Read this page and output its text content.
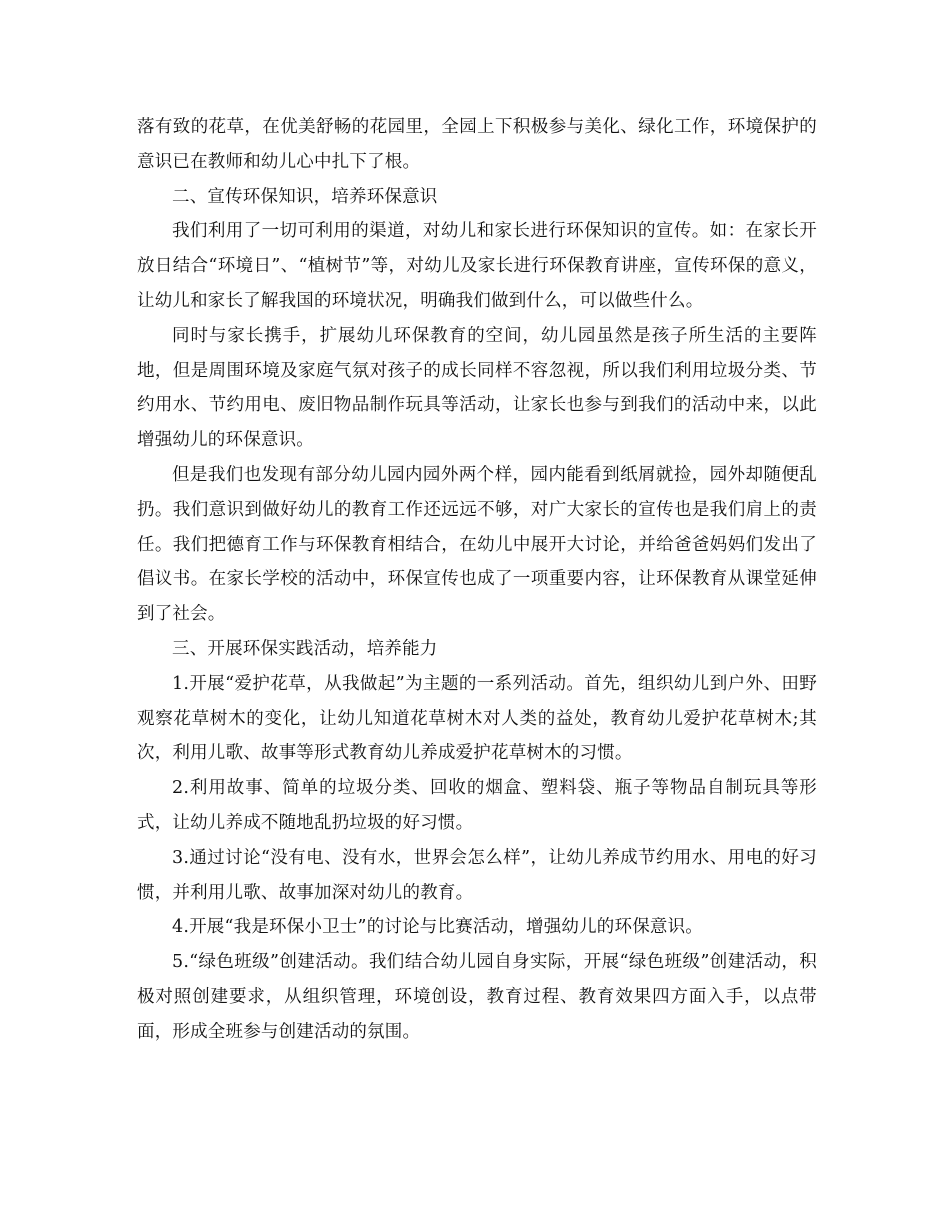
落有致的花草，在优美舒畅的花园里，全园上下积极参与美化、绿化工作，环境保护的意识已在教师和幼儿心中扎下了根。

二、宣传环保知识，培养环保意识

我们利用了一切可利用的渠道，对幼儿和家长进行环保知识的宣传。如：在家长开放日结合“环境日”、“植树节”等，对幼儿及家长进行环保教育讲座，宣传环保的意义，让幼儿和家长了解我国的环境状况，明确我们做到什么，可以做些什么。

同时与家长携手，扩展幼儿环保教育的空间，幼儿园虽然是孩子所生活的主要阵地，但是周围环境及家庭气氛对孩子的成长同样不容忽视，所以我们利用垃圾分类、节约用水、节约用电、废旧物品制作玩具等活动，让家长也参与到我们的活动中来，以此增强幼儿的环保意识。

但是我们也发现有部分幼儿园内园外两个样，园内能看到纸屑就捡，园外却随便乱扔。我们意识到做好幼儿的教育工作还远远不够，对广大家长的宣传也是我们肩上的责任。我们把德育工作与环保教育相结合，在幼儿中展开大讨论，并给爸爸妈妈们发出了倡议书。在家长学校的活动中，环保宣传也成了一项重要内容，让环保教育从课堂延伸到了社会。

三、开展环保实践活动，培养能力

1.开展“爱护花草，从我做起”为主题的一系列活动。首先，组织幼儿到户外、田野观察花草树木的变化，让幼儿知道花草树木对人类的益处，教育幼儿爱护花草树木;其次，利用儿歌、故事等形式教育幼儿养成爱护花草树木的习惯。

2.利用故事、简单的垃圾分类、回收的烟盒、塑料袋、瓶子等物品自制玩具等形式，让幼儿养成不随地乱扔垃圾的好习惯。

3.通过讨论“没有电、没有水，世界会怎么样”，让幼儿养成节约用水、用电的好习惯，并利用儿歌、故事加深对幼儿的教育。

4.开展“我是环保小卫士”的讨论与比赛活动，增强幼儿的环保意识。

5.“绿色班级”创建活动。我们结合幼儿园自身实际，开展“绿色班级”创建活动，积极对照创建要求，从组织管理，环境创设，教育过程、教育效果四方面入手，以点带面，形成全班参与创建活动的氛围。
